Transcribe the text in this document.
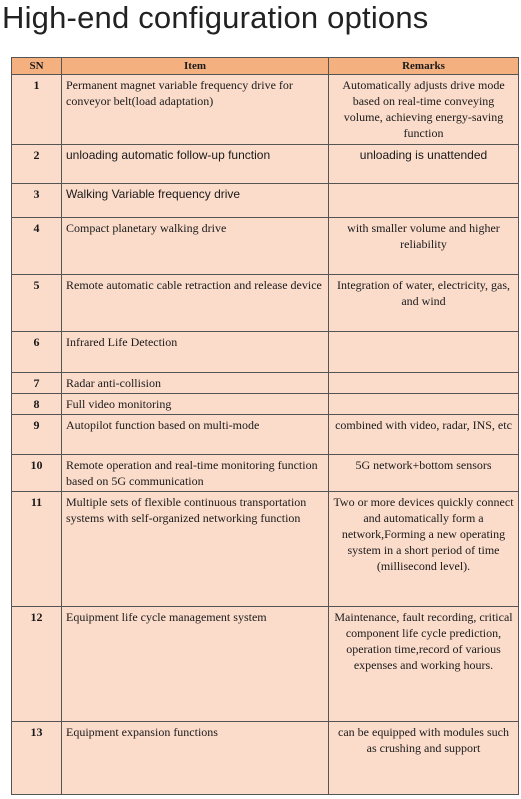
High-end configuration options
SN	Item	Remarks
1	Permanent magnet variable frequency drive for conveyor belt(load adaptation)	Automatically adjusts drive mode based on real-time conveying volume, achieving energy-saving function
2	unloading automatic follow-up function	unloading is unattended
3	Walking Variable frequency drive	
4	Compact planetary walking drive	with smaller volume and higher reliability
5	Remote automatic cable retraction and release device	Integration of water, electricity, gas, and wind
6	Infrared Life Detection	
7	Radar anti-collision	
8	Full video monitoring	
9	Autopilot function based on multi-mode	combined with video, radar, INS, etc
10	Remote operation and real-time monitoring function based on 5G communication	5G network+bottom sensors
11	Multiple sets of flexible continuous transportation systems with self-organized networking function	Two or more devices quickly connect and automatically form a network,Forming a new operating system in a short period of time (millisecond level).
12	Equipment life cycle management system	Maintenance, fault recording, critical component life cycle prediction, operation time,record of various expenses and working hours.
13	Equipment expansion functions	can be equipped with modules such as crushing and support
